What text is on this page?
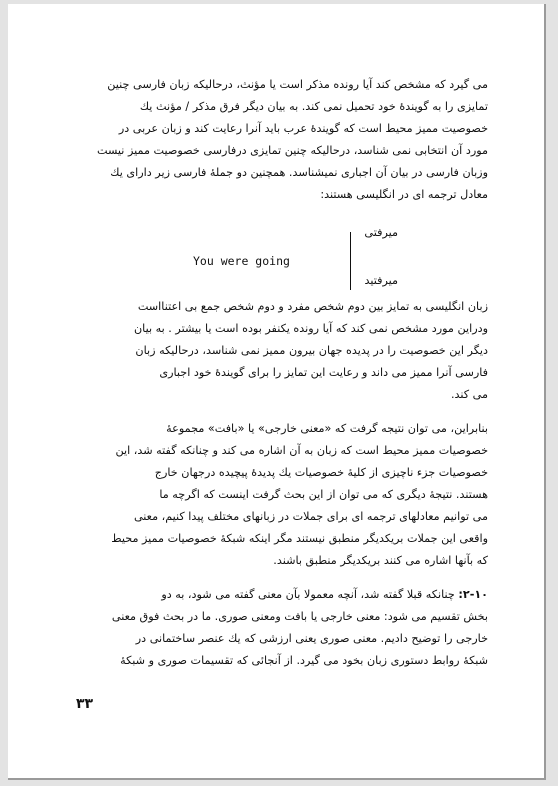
می گیرد که مشخص کند آیا رونده مذکر است یا مؤنث، درحالیکه زبان فارسی چنین
تمایزی را به گویندهٔ خود تحمیل نمی کند. به بیان دیگر فرق مذکر / مؤنث یك
خصوصیت ممیز محیط است که گویندهٔ عرب باید آنرا رعایت کند و زبان عربی در
مورد آن انتخابی نمی شناسد، درحالیکه چنین تمایزی درفارسی خصوصیت ممیز نیست
وزبان فارسی در بیان آن اجباری نمیشناسد. همچنین دو جملهٔ فارسی زیر دارای یك
معادل ترجمه ای در انگلیسی هستند:
You were going
میرفتی
میرفتید
زبان انگلیسی به تمایز بین دوم شخص مفرد و دوم شخص جمع بی اعتنااست
ودراین مورد مشخص نمی کند که آیا رونده یکنفر بوده است یا بیشتر . به بیان
دیگر این خصوصیت را در پدیده جهان بیرون ممیز نمی شناسد، درحالیکه زبان
فارسی آنرا ممیز می داند و رعایت این تمایز را برای گویندهٔ خود اجباری
می کند.
بنابراین، می توان نتیجه گرفت که «معنی خارجی» یا «بافت» مجموعهٔ
خصوصیات ممیز محیط است که زبان به آن اشاره می کند و چنانکه گفته شد، این
خصوصیات جزء ناچیزی از کلیهٔ خصوصیات یك پدیدهٔ پیچیده درجهان خارج
هستند. نتیجهٔ دیگری که می توان از این بحث گرفت اینست که اگرچه ما
می توانیم معادلهای ترجمه ای برای جملات در زبانهای مختلف پیدا کنیم، معنی
واقعی این جملات بریکدیگر منطبق نیستند مگر اینکه شبکهٔ خصوصیات ممیز محیط
که بآنها اشاره می کنند بریکدیگر منطبق باشند.
۲-۱۰: چنانکه قبلا گفته شد، آنچه معمولا بآن معنی گفته می شود، به دو
بخش تقسیم می شود: معنی خارجی یا بافت ومعنی صوری. ما در بحث فوق معنی
خارجی را توضیح دادیم. معنی صوری یعنی ارزشی که یك عنصر ساختمانی در
شبکهٔ روابط دستوری زبان بخود می گیرد. از آنجائی که تقسیمات صوری و شبکهٔ
۳۳
